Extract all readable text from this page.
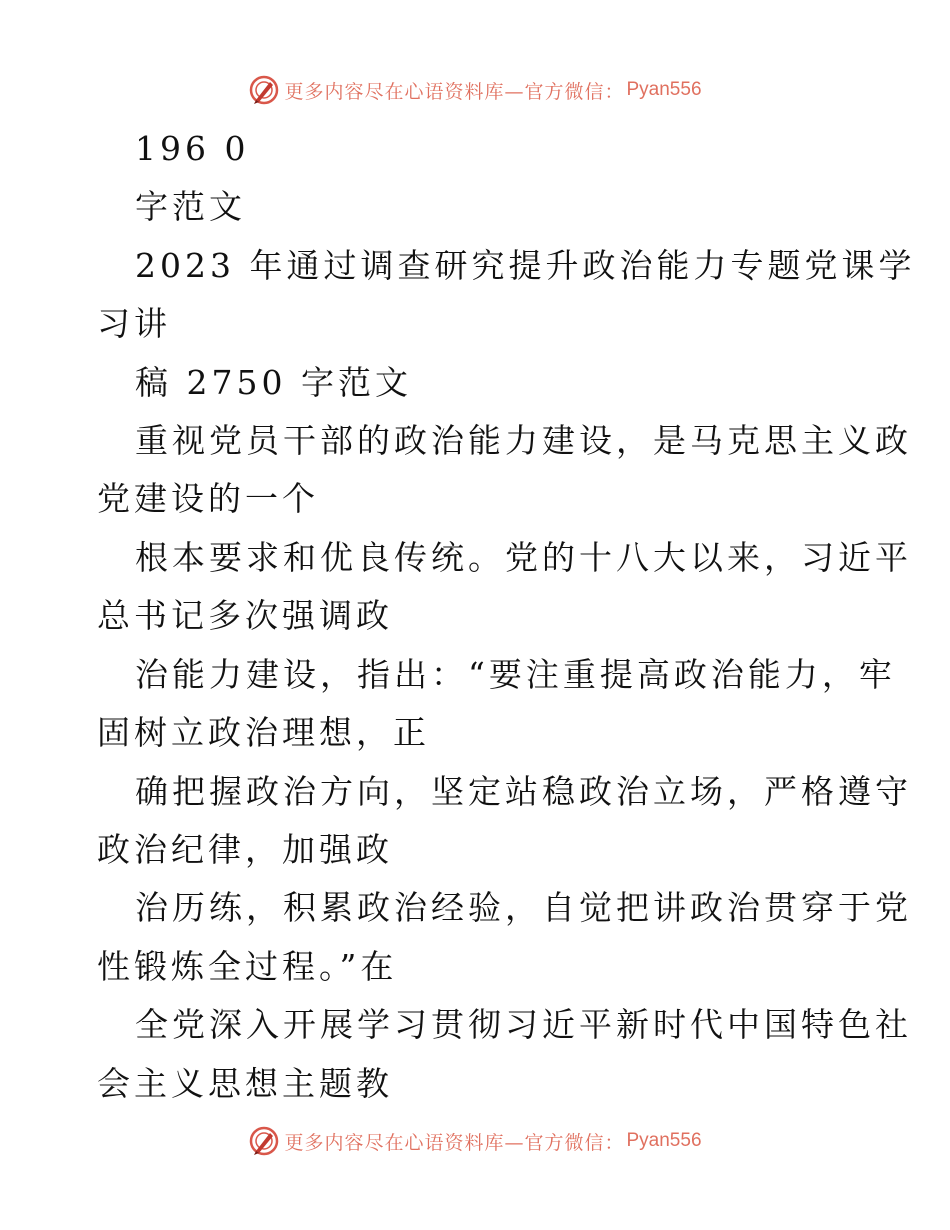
更多内容尽在心语资料库—官方微信： Pyan556
196 0
字范文
2023 年通过调查研究提升政治能力专题党课学
习讲
稿 2750 字范文
重视党员干部的政治能力建设，是马克思主义政
党建设的一个
根本要求和优良传统。党的十八大以来，习近平
总书记多次强调政
治能力建设，指出：“要注重提高政治能力，牢
固树立政治理想，正
确把握政治方向，坚定站稳政治立场，严格遵守
政治纪律，加强政
治历练，积累政治经验，自觉把讲政治贯穿于党
性锻炼全过程。”在
全党深入开展学习贯彻习近平新时代中国特色社
会主义思想主题教
更多内容尽在心语资料库—官方微信： Pyan556
